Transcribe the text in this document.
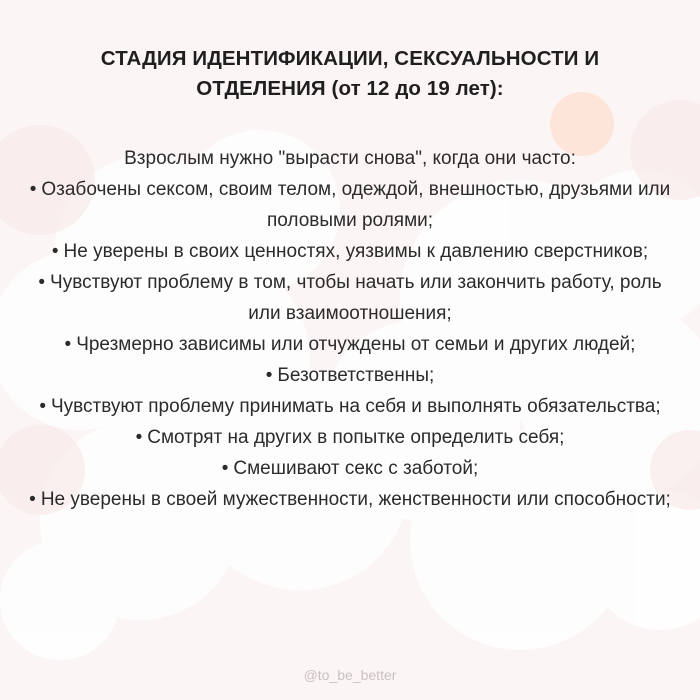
СТАДИЯ ИДЕНТИФИКАЦИИ, СЕКСУАЛЬНОСТИ И
ОТДЕЛЕНИЯ (от 12 до 19 лет):
Взрослым нужно "вырасти снова", когда они часто:
• Озабочены сексом, своим телом, одеждой, внешностью, друзьями или половыми ролями;
• Не уверены в своих ценностях, уязвимы к давлению сверстников;
• Чувствуют проблему в том, чтобы начать или закончить работу, роль или взаимоотношения;
• Чрезмерно зависимы или отчуждены от семьи и других людей;
• Безответственны;
• Чувствуют проблему принимать на себя и выполнять обязательства;
• Смотрят на других в попытке определить себя;
• Смешивают секс с заботой;
• Не уверены в своей мужественности, женственности или способности;
@to_be_better
